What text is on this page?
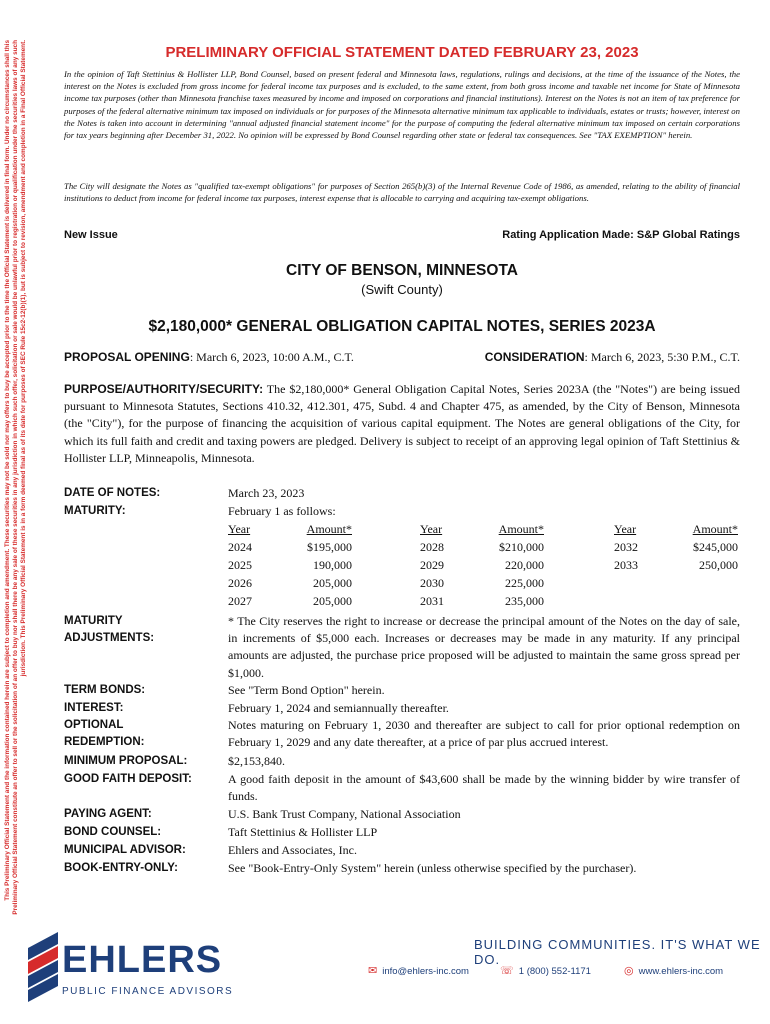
This Preliminary Official Statement and the information contained herein are subject to completion and amendment. These securities may not be sold nor may offers to buy be accepted prior to the time the Official Statement is delivered in final form. Under no circumstances shall this Preliminary Official Statement constitute an offer to sell or the solicitation of an offer to buy nor shall there be any sale of these securities in any jurisdiction in which such offer, solicitation or sale would be unlawful prior to registration or qualification under the securities laws of any such jurisdiction. This Preliminary Official Statement is in a form deemed final as of its date for purposes of SEC Rule 15c2-12(b)(1), but is subject to revision, amendment and completion in a Final Official Statement.	PRELIMINARY OFFICIAL STATEMENT DATED FEBRUARY 23, 2023
In the opinion of Taft Stettinius & Hollister LLP, Bond Counsel, based on present federal and Minnesota laws, regulations, rulings and decisions, at the time of the issuance of the Notes, the interest on the Notes is excluded from gross income for federal income tax purposes and is excluded, to the same extent, from both gross income and taxable net income for State of Minnesota income tax purposes (other than Minnesota franchise taxes measured by income and imposed on corporations and financial institutions). Interest on the Notes is not an item of tax preference for purposes of the federal alternative minimum tax imposed on individuals or for purposes of the Minnesota alternative minimum tax applicable to individuals, estates or trusts; however, interest on the Notes is taken into account in determining "annual adjusted financial statement income" for the purpose of computing the federal alternative minimum tax imposed on certain corporations for tax years beginning after December 31, 2022. No opinion will be expressed by Bond Counsel regarding other state or federal tax consequences. See "TAX EXEMPTION" herein.
The City will designate the Notes as "qualified tax-exempt obligations" for purposes of Section 265(b)(3) of the Internal Revenue Code of 1986, as amended, relating to the ability of financial institutions to deduct from income for federal income tax purposes, interest expense that is allocable to carrying and acquiring tax-exempt obligations.
New Issue	Rating Application Made: S&P Global Ratings
CITY OF BENSON, MINNESOTA
(Swift County)
$2,180,000* GENERAL OBLIGATION CAPITAL NOTES, SERIES 2023A
PROPOSAL OPENING: March 6, 2023, 10:00 A.M., C.T.	CONSIDERATION: March 6, 2023, 5:30 P.M., C.T.
PURPOSE/AUTHORITY/SECURITY: The $2,180,000* General Obligation Capital Notes, Series 2023A (the "Notes") are being issued pursuant to Minnesota Statutes, Sections 410.32, 412.301, 475, Subd. 4 and Chapter 475, as amended, by the City of Benson, Minnesota (the "City"), for the purpose of financing the acquisition of various capital equipment. The Notes are general obligations of the City, for which its full faith and credit and taxing powers are pledged. Delivery is subject to receipt of an approving legal opinion of Taft Stettinius & Hollister LLP, Minneapolis, Minnesota.
DATE OF NOTES:	March 23, 2023
MATURITY:	February 1 as follows:
Year	Amount*
2024	$195,000
2025	190,000
2026	205,000
2027	205,000
Year	Amount*
2028	$210,000
2029	220,000
2030	225,000
2031	235,000
Year	Amount*
2032	$245,000
2033	250,000
MATURITY ADJUSTMENTS:
* The City reserves the right to increase or decrease the principal amount of the Notes on the day of sale, in increments of $5,000 each. Increases or decreases may be made in any maturity. If any principal amounts are adjusted, the purchase price proposed will be adjusted to maintain the same gross spread per $1,000.
TERM BONDS:	See "Term Bond Option" herein.
INTEREST:	February 1, 2024 and semiannually thereafter.
OPTIONAL REDEMPTION:
Notes maturing on February 1, 2030 and thereafter are subject to call for prior optional redemption on February 1, 2029 and any date thereafter, at a price of par plus accrued interest.
MINIMUM PROPOSAL:	$2,153,840.
GOOD FAITH DEPOSIT:	A good faith deposit in the amount of $43,600 shall be made by the winning bidder by wire transfer of funds.
PAYING AGENT:	U.S. Bank Trust Company, National Association
BOND COUNSEL:	Taft Stettinius & Hollister LLP
MUNICIPAL ADVISOR:	Ehlers and Associates, Inc.
BOOK-ENTRY-ONLY:	See "Book-Entry-Only System" herein (unless otherwise specified by the purchaser).
EHLERS
PUBLIC FINANCE ADVISORS
BUILDING COMMUNITIES. IT'S WHAT WE DO.
✉ info@ehlers-inc.com	☏ 1 (800) 552-1171	◎ www.ehlers-inc.com
